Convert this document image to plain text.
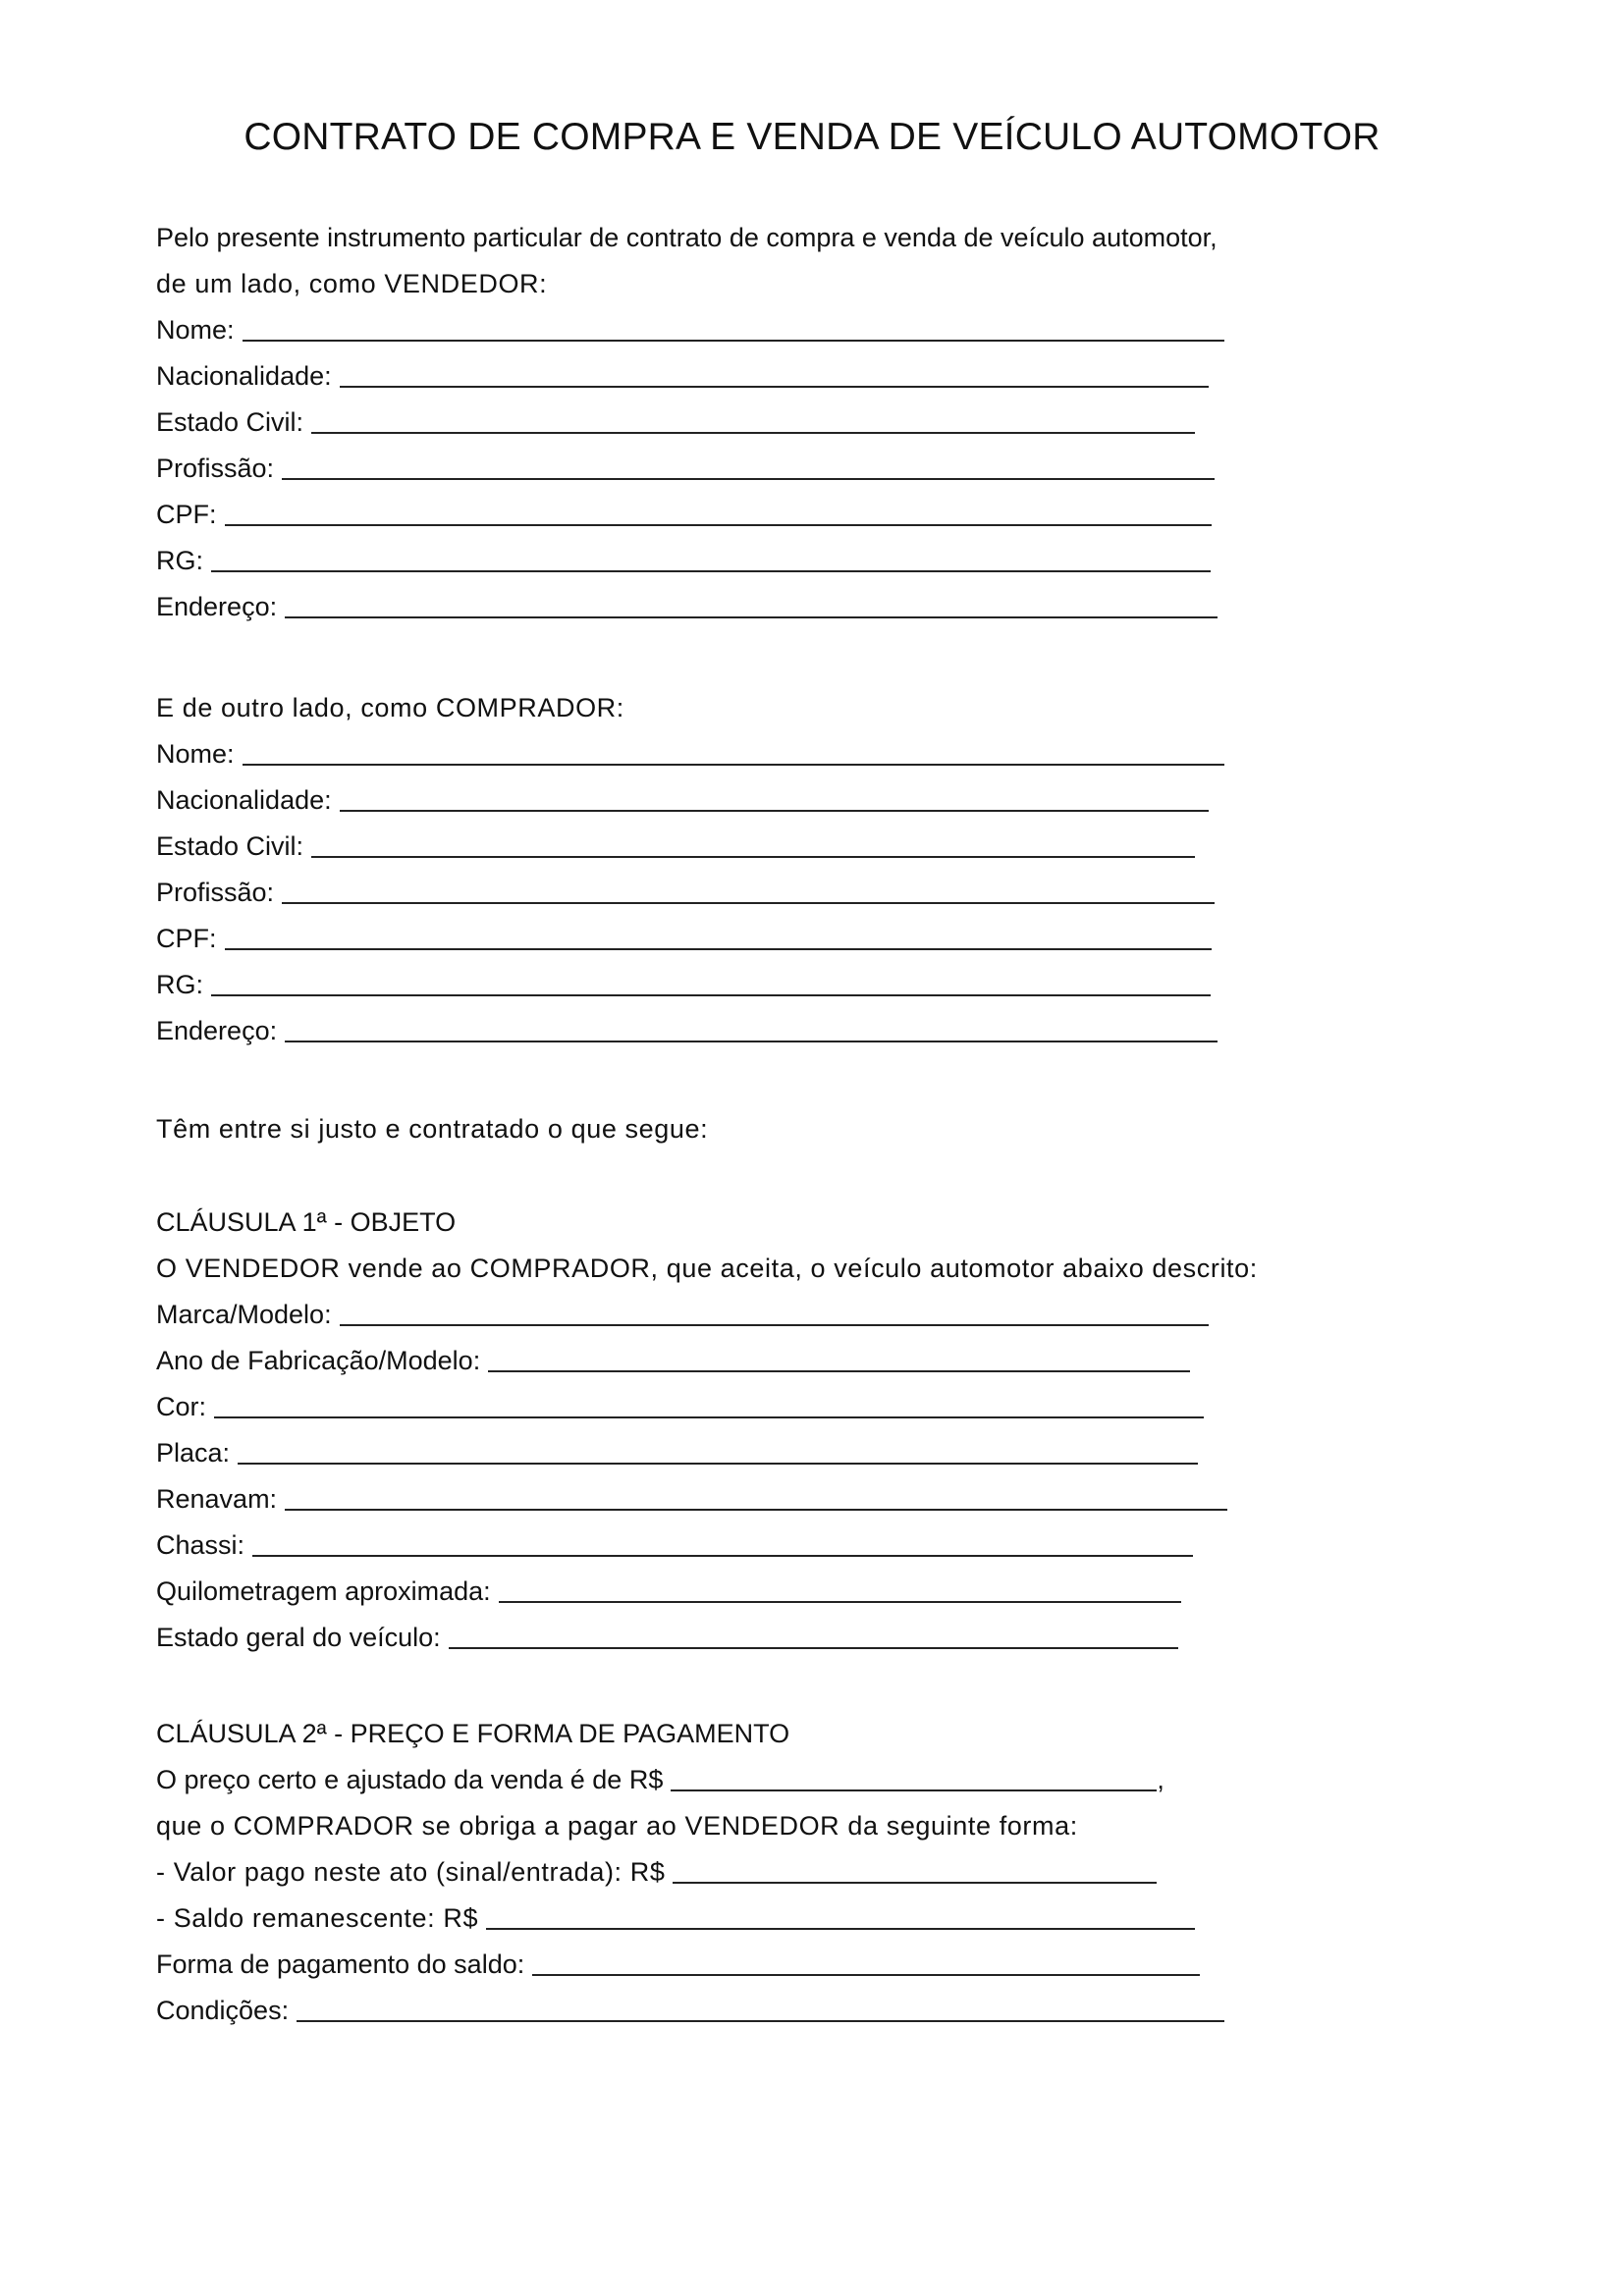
CONTRATO DE COMPRA E VENDA DE VEÍCULO AUTOMOTOR
Pelo presente instrumento particular de contrato de compra e venda de veículo automotor,
de um lado, como VENDEDOR:
Nome:
Nacionalidade:
Estado Civil:
Profissão:
CPF:
RG:
Endereço:
E de outro lado, como COMPRADOR:
Nome:
Nacionalidade:
Estado Civil:
Profissão:
CPF:
RG:
Endereço:
Têm entre si justo e contratado o que segue:
CLÁUSULA 1ª - OBJETO
O VENDEDOR vende ao COMPRADOR, que aceita, o veículo automotor abaixo descrito:
Marca/Modelo:
Ano de Fabricação/Modelo:
Cor:
Placa:
Renavam:
Chassi:
Quilometragem aproximada:
Estado geral do veículo:
CLÁUSULA 2ª - PREÇO E FORMA DE PAGAMENTO
O preço certo e ajustado da venda é de R$	,
que o COMPRADOR se obriga a pagar ao VENDEDOR da seguinte forma:
- Valor pago neste ato (sinal/entrada): R$
- Saldo remanescente: R$
Forma de pagamento do saldo:
Condições:
